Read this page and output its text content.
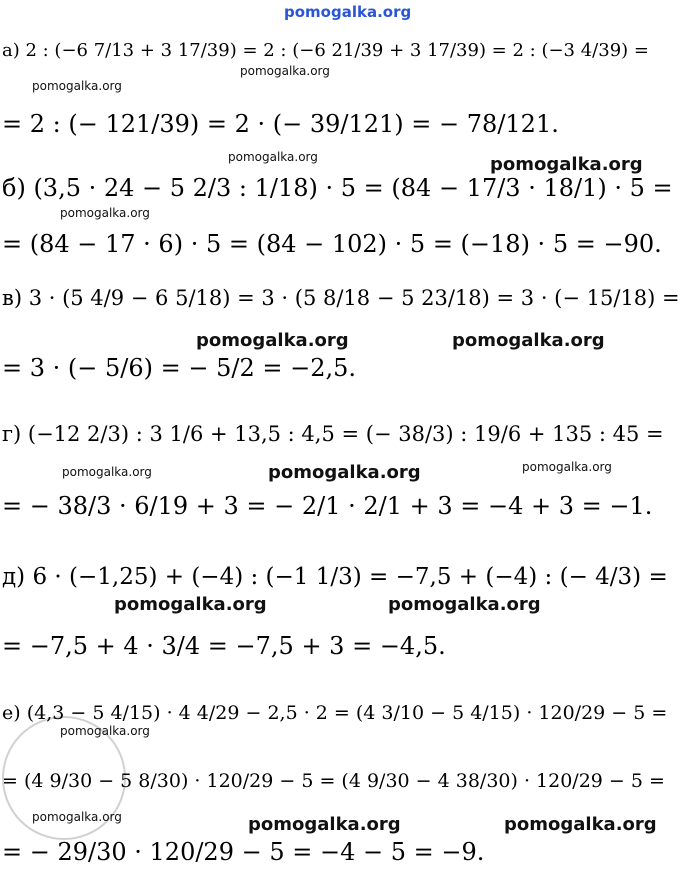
pomogalka.org
а) 2 : (−6 7/13 + 3 17/39) = 2 : (−6 21/39 + 3 17/39) = 2 : (−3 4/39) =
= 2 : (− 121/39) = 2 · (− 39/121) = − 78/121.
б) (3,5 · 24 − 5 2/3 : 1/18) · 5 = (84 − 17/3 · 18/1) · 5 =
= (84 − 17 · 6) · 5 = (84 − 102) · 5 = (−18) · 5 = −90.
в) 3 · (5 4/9 − 6 5/18) = 3 · (5 8/18 − 5 23/18) = 3 · (− 15/18) =
= 3 · (− 5/6) = − 5/2 = −2,5.
г) (−12 2/3) : 3 1/6 + 13,5 : 4,5 = (− 38/3) : 19/6 + 135 : 45 =
= − 38/3 · 6/19 + 3 = − 2/1 · 2/1 + 3 = −4 + 3 = −1.
д) 6 · (−1,25) + (−4) : (−1 1/3) = −7,5 + (−4) : (− 4/3) =
= −7,5 + 4 · 3/4 = −7,5 + 3 = −4,5.
е) (4,3 − 5 4/15) · 4 4/29 − 2,5 · 2 = (4 3/10 − 5 4/15) · 120/29 − 5 =
= (4 9/30 − 5 8/30) · 120/29 − 5 = (4 9/30 − 4 38/30) · 120/29 − 5 =
= − 29/30 · 120/29 − 5 = −4 − 5 = −9.
pomogalka.org
pomogalka.org
pomogalka.org	pomogalka.org
pomogalka.org
pomogalka.org	pomogalka.org
pomogalka.org	pomogalka.org	pomogalka.org
pomogalka.org	pomogalka.org
pomogalka.org
pomogalka.org	pomogalka.org	pomogalka.org
